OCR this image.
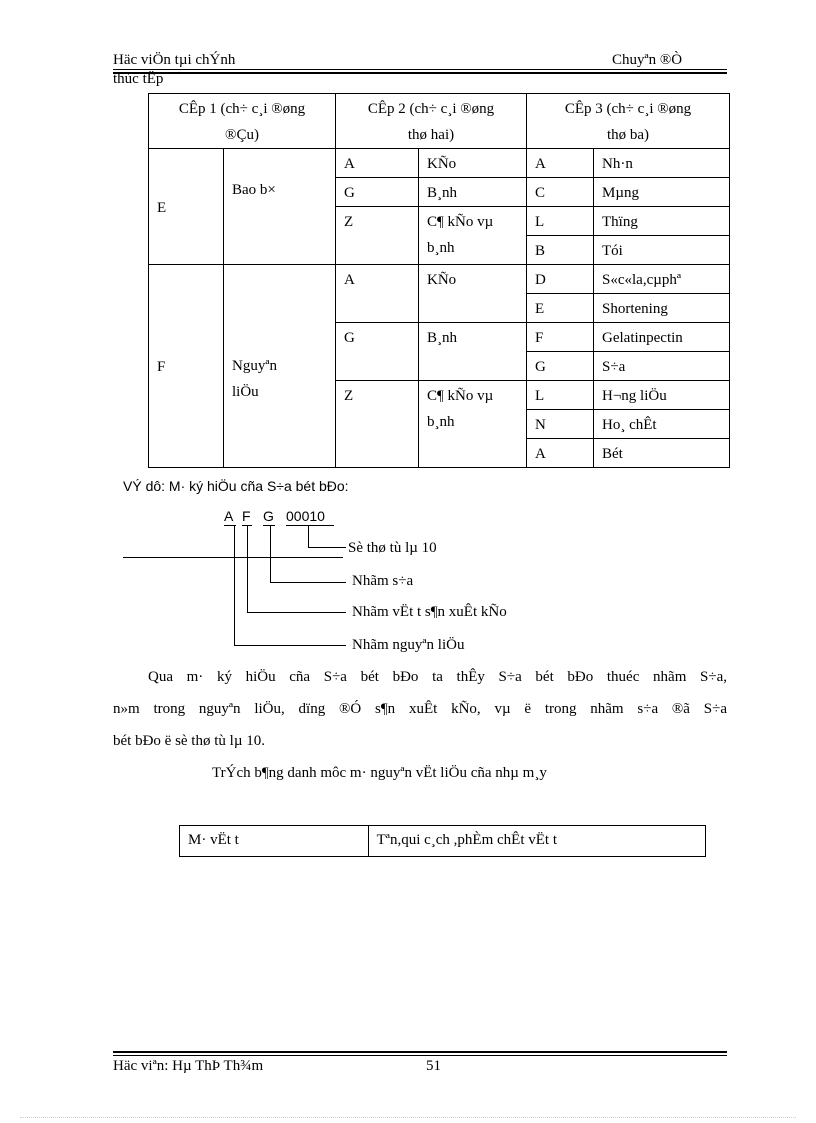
Häc viÖn tµi chÝnh	Chuyªn ®Ò
thùc tËp
CÊp 1 (ch÷ c¸i ®øng
®Çu)		CÊp 2 (ch÷ c¸i ®øng
thø hai)		CÊp 3 (ch÷ c¸i ®øng
thø ba)	
E	Bao b×	A	KÑo	A	Nh·n
		G	B¸nh	C	Mµng
		Z	C¶ kÑo vµ
b¸nh	L	Thïng
				B	Tói
F	Nguyªn
liÖu	A	KÑo	D	S«c«la,cµphª
				E	Shortening
		G	B¸nh	F	Gelatinpectin
				G	S÷a
		Z	C¶ kÑo vµ
b¸nh	L	H¬ng liÖu
				N	Ho¸ chÊt
				A	Bét
VÝ dô: M· ký hiÖu cña S÷a bét bÐo:
A F G 00010
Sè thø tù lµ 10
Nhãm s÷a
Nhãm vËt t s¶n xuÊt kÑo
Nhãm nguyªn liÖu
Qua m· ký hiÖu cña S÷a bét bÐo ta thÊy S÷a bét bÐo thuéc nhãm S÷a,
n»m trong nguyªn liÖu, dïng ®Ó s¶n xuÊt kÑo, vµ ë trong nhãm s÷a ®ã S÷a
bét bÐo ë sè thø tù lµ 10.
TrÝch b¶ng danh môc m· nguyªn vËt liÖu cña nhµ m¸y
M· vËt t	Tªn,qui c¸ch ,phÈm chÊt vËt t
Häc viªn: Hµ ThÞ Th¾m	51
